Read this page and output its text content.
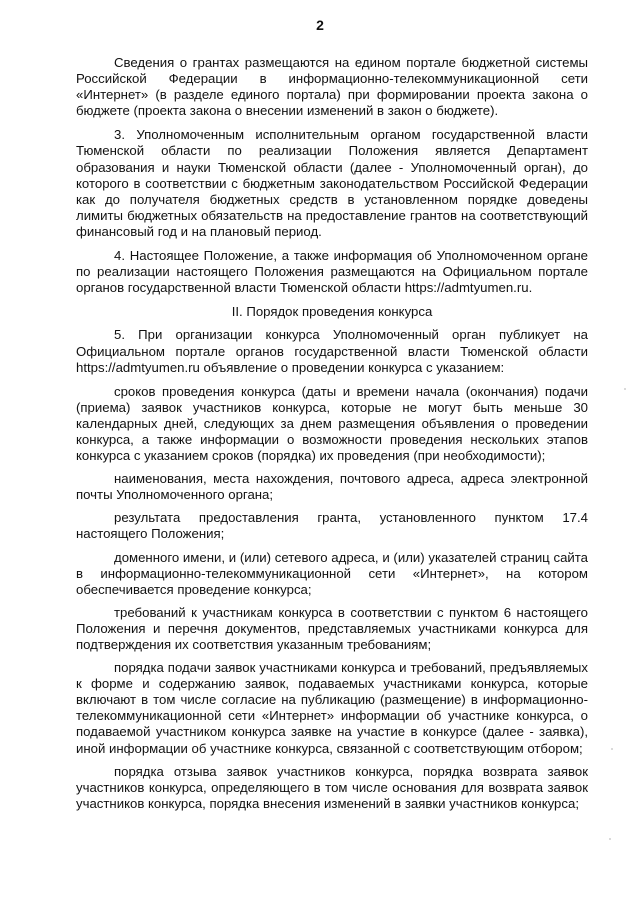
2

Сведения о грантах размещаются на едином портале бюджетной системы Российской Федерации в информационно-телекоммуникационной сети «Интернет» (в разделе единого портала) при формировании проекта закона о бюджете (проекта закона о внесении изменений в закон о бюджете).

3. Уполномоченным исполнительным органом государственной власти Тюменской области по реализации Положения является Департамент образования и науки Тюменской области (далее - Уполномоченный орган), до которого в соответствии с бюджетным законодательством Российской Федерации как до получателя бюджетных средств в установленном порядке доведены лимиты бюджетных обязательств на предоставление грантов на соответствующий финансовый год и на плановый период.

4. Настоящее Положение, а также информация об Уполномоченном органе по реализации настоящего Положения размещаются на Официальном портале органов государственной власти Тюменской области https://admtyumen.ru.

II. Порядок проведения конкурса

5. При организации конкурса Уполномоченный орган публикует на Официальном портале органов государственной власти Тюменской области https://admtyumen.ru объявление о проведении конкурса с указанием:

сроков проведения конкурса (даты и времени начала (окончания) подачи (приема) заявок участников конкурса, которые не могут быть меньше 30 календарных дней, следующих за днем размещения объявления о проведении конкурса, а также информации о возможности проведения нескольких этапов конкурса с указанием сроков (порядка) их проведения (при необходимости);

наименования, места нахождения, почтового адреса, адреса электронной почты Уполномоченного органа;

результата предоставления гранта, установленного пунктом 17.4 настоящего Положения;

доменного имени, и (или) сетевого адреса, и (или) указателей страниц сайта в информационно-телекоммуникационной сети «Интернет», на котором обеспечивается проведение конкурса;

требований к участникам конкурса в соответствии с пунктом 6 настоящего Положения и перечня документов, представляемых участниками конкурса для подтверждения их соответствия указанным требованиям;

порядка подачи заявок участниками конкурса и требований, предъявляемых к форме и содержанию заявок, подаваемых участниками конкурса, которые включают в том числе согласие на публикацию (размещение) в информационно-телекоммуникационной сети «Интернет» информации об участнике конкурса, о подаваемой участником конкурса заявке на участие в конкурсе (далее - заявка), иной информации об участнике конкурса, связанной с соответствующим отбором;

порядка отзыва заявок участников конкурса, порядка возврата заявок участников конкурса, определяющего в том числе основания для возврата заявок участников конкурса, порядка внесения изменений в заявки участников конкурса;
